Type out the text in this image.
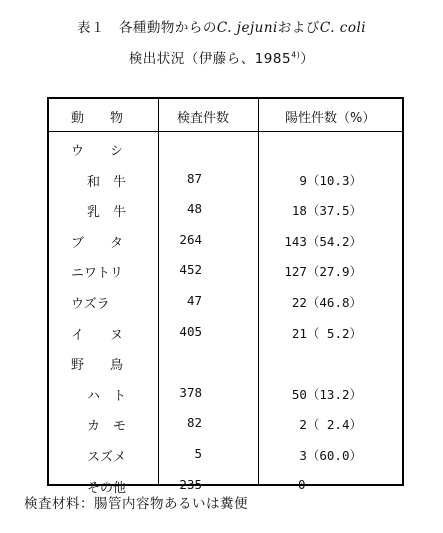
表１　各種動物からのC. jejuniおよびC. coli
検出状況（伊藤ら、1985$^{4)}$）
動　　物	検査件数	陽性件数（%）
ウ　　シ
和　牛	87	9（10.3）
乳　牛	48	18（37.5）
ブ　　タ	264	143（54.2）
ニワトリ	452	127（27.9）
ウズラ	47	22（46.8）
イ　　ヌ	405	21（ 5.2）
野　　鳥
ハ　ト	378	50（13.2）
カ　モ	82	2（ 2.4）
スズメ	5	3（60.0）
その他	235	0
検査材料：腸管内容物あるいは糞便
